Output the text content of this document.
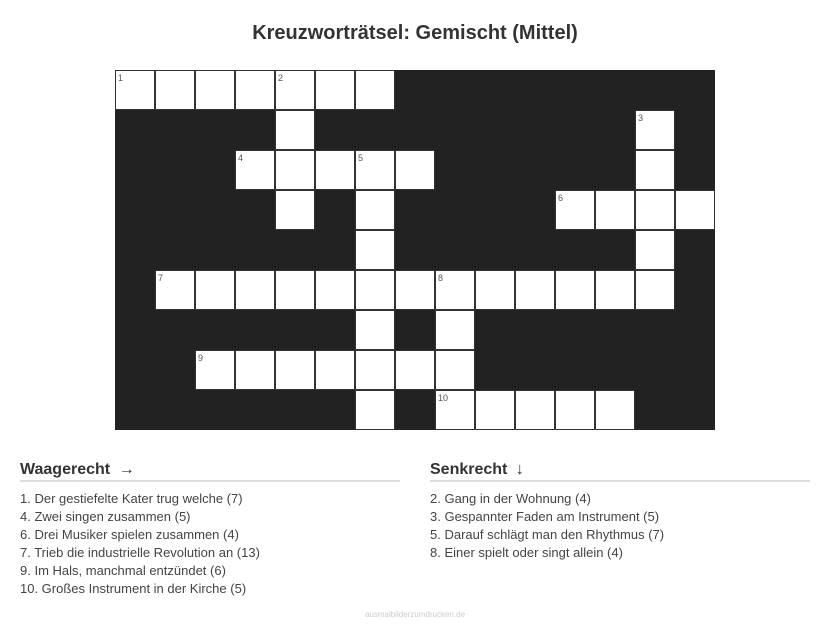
Kreuzworträtsel: Gemischt (Mittel)
1	2
3
4	5
6
7	8
9
10
Waagerecht →
1. Der gestiefelte Kater trug welche (7)
4. Zwei singen zusammen (5)
6. Drei Musiker spielen zusammen (4)
7. Trieb die industrielle Revolution an (13)
9. Im Hals, manchmal entzündet (6)
10. Großes Instrument in der Kirche (5)
Senkrecht ↓
2. Gang in der Wohnung (4)
3. Gespannter Faden am Instrument (5)
5. Darauf schlägt man den Rhythmus (7)
8. Einer spielt oder singt allein (4)
ausmalbilderzumdrucken.de
